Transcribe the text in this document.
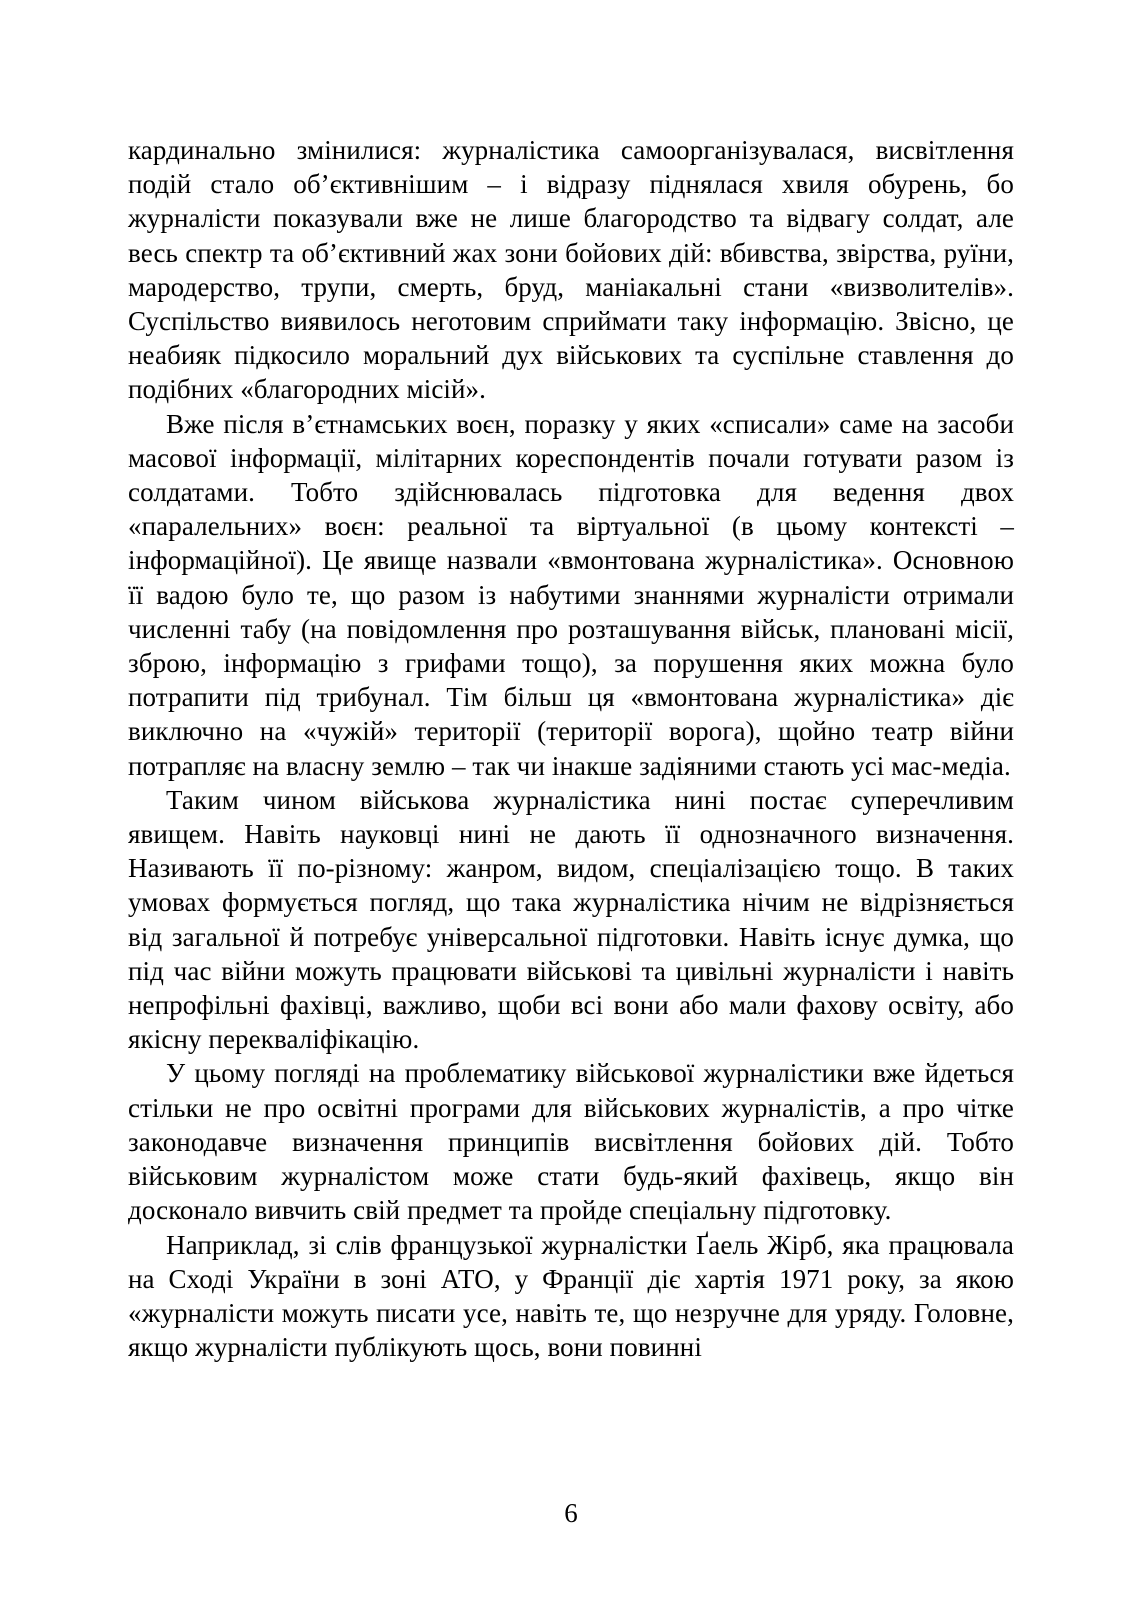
кардинально змінилися: журналістика самоорганізувалася, висвітлення подій стало об’єктивнішим – і відразу піднялася хвиля обурень, бо журналісти показували вже не лише благородство та відвагу солдат, але весь спектр та об’єктивний жах зони бойових дій: вбивства, звірства, руїни, мародерство, трупи, смерть, бруд, маніакальні стани «визволителів». Суспільство виявилось неготовим сприймати таку інформацію. Звісно, це неабияк підкосило моральний дух військових та суспільне ставлення до подібних «благородних місій».

Вже після в’єтнамських воєн, поразку у яких «списали» саме на засоби масової інформації, мілітарних кореспондентів почали готувати разом із солдатами. Тобто здійснювалась підготовка для ведення двох «паралельних» воєн: реальної та віртуальної (в цьому контексті – інформаційної). Це явище назвали «вмонтована журналістика». Основною її вадою було те, що разом із набутими знаннями журналісти отримали численні табу (на повідомлення про розташування військ, плановані місії, зброю, інформацію з грифами тощо), за порушення яких можна було потрапити під трибунал. Тім більш ця «вмонтована журналістика» діє виключно на «чужій» території (території ворога), щойно театр війни потрапляє на власну землю – так чи інакше задіяними стають усі мас-медіа.

Таким чином військова журналістика нині постає суперечливим явищем. Навіть науковці нині не дають її однозначного визначення. Називають її по-різному: жанром, видом, спеціалізацією тощо. В таких умовах формується погляд, що така журналістика нічим не відрізняється від загальної й потребує універсальної підготовки. Навіть існує думка, що під час війни можуть працювати військові та цивільні журналісти і навіть непрофільні фахівці, важливо, щоби всі вони або мали фахову освіту, або якісну перекваліфікацію.

У цьому погляді на проблематику військової журналістики вже йдеться стільки не про освітні програми для військових журналістів, а про чітке законодавче визначення принципів висвітлення бойових дій. Тобто військовим журналістом може стати будь-який фахівець, якщо він досконало вивчить свій предмет та пройде спеціальну підготовку.

Наприклад, зі слів французької журналістки Ґаель Жірб, яка працювала на Сході України в зоні АТО, у Франції діє хартія 1971 року, за якою «журналісти можуть писати усе, навіть те, що незручне для уряду. Головне, якщо журналісти публікують щось, вони повинні

6
